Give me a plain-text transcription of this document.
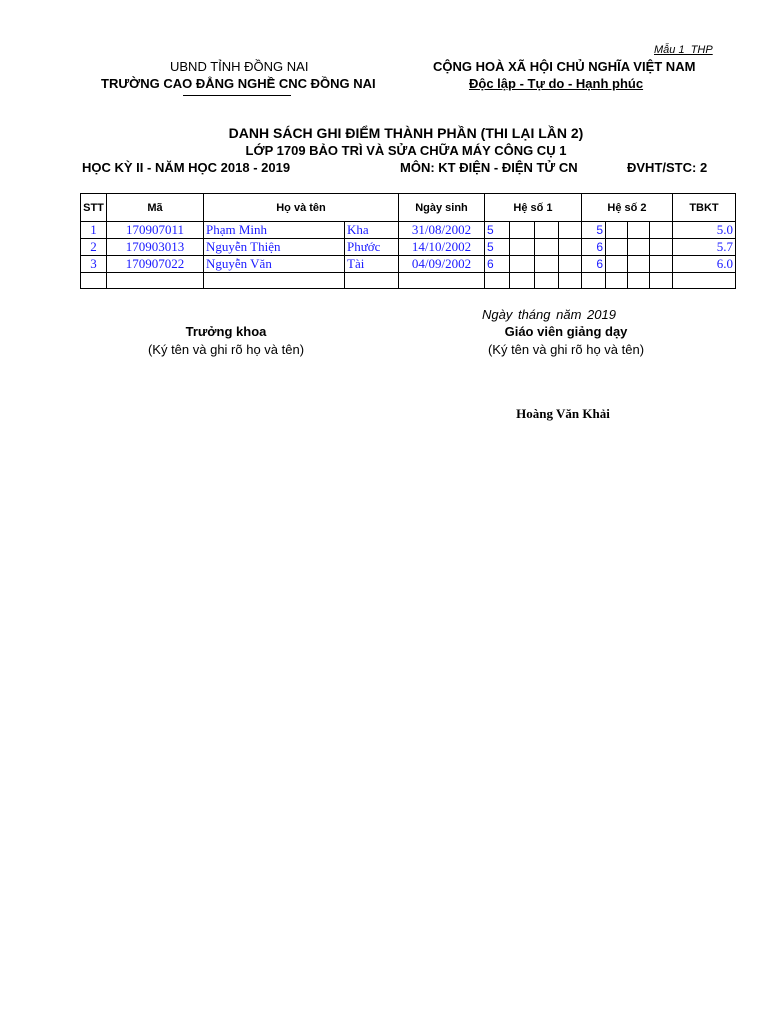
Mẫu 1_THP
UBND TỈNH ĐỒNG NAI
TRƯỜNG CAO ĐẲNG NGHỀ CNC ĐỒNG NAI
CỘNG HOÀ XÃ HỘI CHỦ NGHĨA VIỆT NAM
Độc lập - Tự do - Hạnh phúc
DANH SÁCH GHI ĐIỂM THÀNH PHẦN (THI LẠI LẦN 2)
LỚP 1709 BẢO TRÌ VÀ SỬA CHỮA MÁY CÔNG CỤ 1
HỌC KỲ II - NĂM HỌC 2018 - 2019	MÔN: KT ĐIỆN - ĐIỆN TỬ CN	ĐVHT/STC: 2
STT	Mã	Họ và tên		Ngày sinh	Hệ số 1				Hệ số 2				TBKT
1	170907011	Phạm Minh	Kha	31/08/2002	5				5				5.0
2	170903013	Nguyễn Thiện	Phước	14/10/2002	5				6				5.7
3	170907022	Nguyễn Văn	Tài	04/09/2002	6				6				6.0

Ngày tháng năm 2019
Trưởng khoa
(Ký tên và ghi rõ họ và tên)
Giáo viên giảng dạy
(Ký tên và ghi rõ họ và tên)
Hoàng Văn Khải
